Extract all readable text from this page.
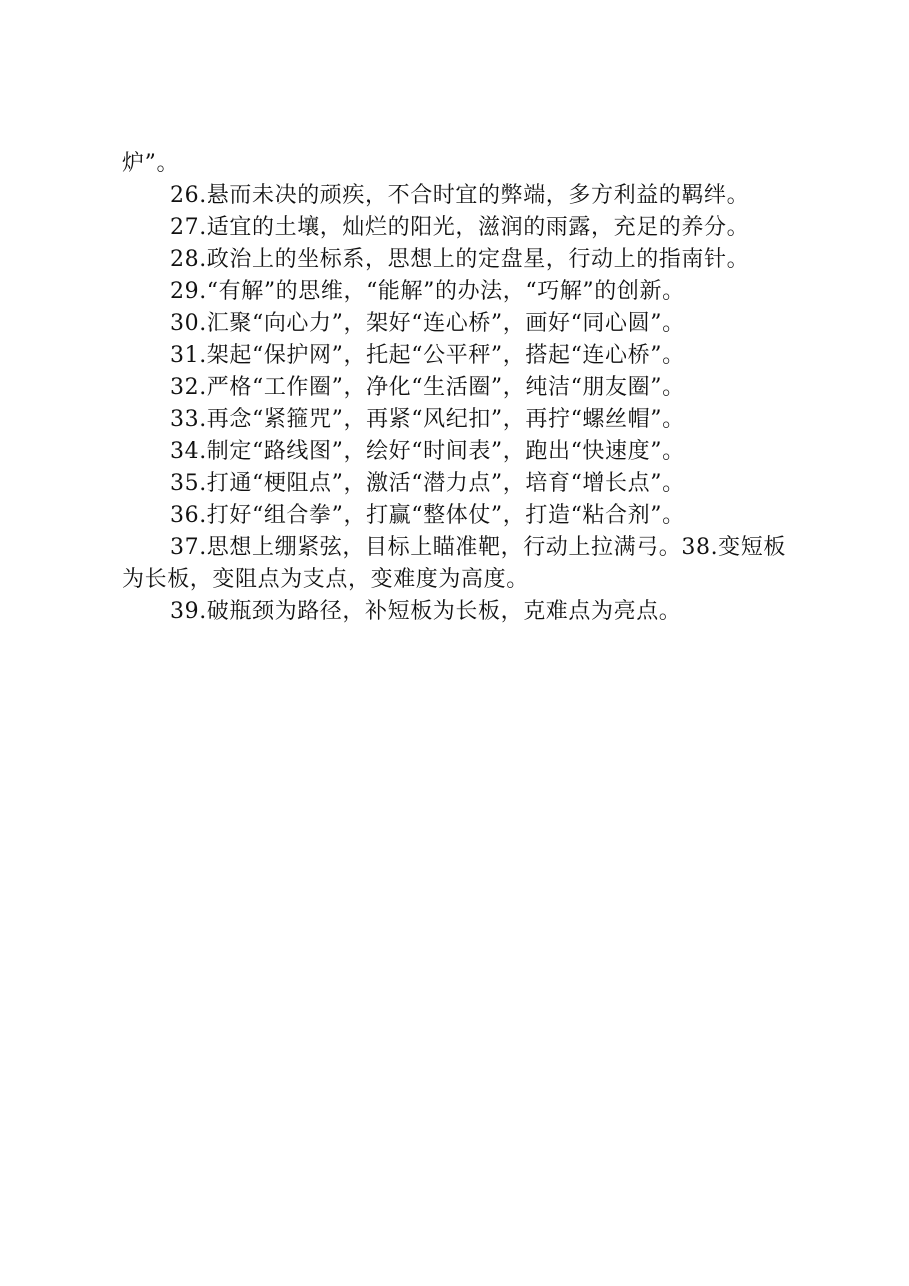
炉”。

26.悬而未决的顽疾，不合时宜的弊端，多方利益的羁绊。

27.适宜的土壤，灿烂的阳光，滋润的雨露，充足的养分。

28.政治上的坐标系，思想上的定盘星，行动上的指南针。

29.“有解”的思维，“能解”的办法，“巧解”的创新。

30.汇聚“向心力”，架好“连心桥”，画好“同心圆”。

31.架起“保护网”，托起“公平秤”，搭起“连心桥”。

32.严格“工作圈”，净化“生活圈”，纯洁“朋友圈”。

33.再念“紧箍咒”，再紧“风纪扣”，再拧“螺丝帽”。

34.制定“路线图”，绘好“时间表”，跑出“快速度”。

35.打通“梗阻点”，激活“潜力点”，培育“增长点”。

36.打好“组合拳”，打赢“整体仗”，打造“粘合剂”。

37.思想上绷紧弦，目标上瞄准靶，行动上拉满弓。38.变短板为长板，变阻点为支点，变难度为高度。

39.破瓶颈为路径，补短板为长板，克难点为亮点。
